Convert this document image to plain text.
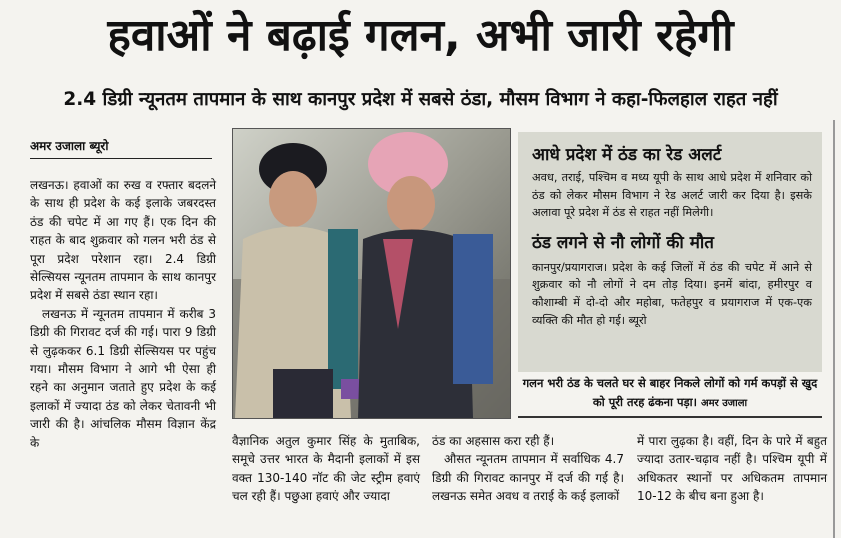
हवाओं ने बढ़ाई गलन, अभी जारी रहेगी
2.4 डिग्री न्यूनतम तापमान के साथ कानपुर प्रदेश में सबसे ठंडा, मौसम विभाग ने कहा-फिलहाल राहत नहीं
अमर उजाला ब्यूरो

लखनऊ। हवाओं का रुख व रफ्तार बदलने के साथ ही प्रदेश के कई इलाके जबरदस्त ठंड की चपेट में आ गए हैं। एक दिन की राहत के बाद शुक्रवार को गलन भरी ठंड से पूरा प्रदेश परेशान रहा। 2.4 डिग्री सेल्सियस न्यूनतम तापमान के साथ कानपुर प्रदेश में सबसे ठंडा स्थान रहा।

लखनऊ में न्यूनतम तापमान में करीब 3 डिग्री की गिरावट दर्ज की गई। पारा 9 डिग्री से लुढ़ककर 6.1 डिग्री सेल्सियस पर पहुंच गया। मौसम विभाग ने आगे भी ऐसा ही रहने का अनुमान जताते हुए प्रदेश के कई इलाकों में ज्यादा ठंड को लेकर चेतावनी भी जारी की है। आंचलिक मौसम विज्ञान केंद्र के

आधे प्रदेश में ठंड का रेड अलर्ट
अवध, तराई, पश्चिम व मध्य यूपी के साथ आधे प्रदेश में शनिवार को ठंड को लेकर मौसम विभाग ने रेड अलर्ट जारी कर दिया है। इसके अलावा पूरे प्रदेश में ठंड से राहत नहीं मिलेगी।
ठंड लगने से नौ लोगों की मौत
कानपुर/प्रयागराज। प्रदेश के कई जिलों में ठंड की चपेट में आने से शुक्रवार को नौ लोगों ने दम तोड़ दिया। इनमें बांदा, हमीरपुर व कौशाम्बी में दो-दो और महोबा, फतेहपुर व प्रयागराज में एक-एक व्यक्ति की मौत हो गई। ब्यूरो
गलन भरी ठंड के चलते घर से बाहर निकले लोगों को गर्म कपड़ों से खुद को पूरी तरह ढंकना पड़ा। अमर उजाला

वैज्ञानिक अतुल कुमार सिंह के मुताबिक, समूचे उत्तर भारत के मैदानी इलाकों में इस वक्त 130-140 नॉट की जेट स्ट्रीम हवाएं चल रही हैं। पछुआ हवाएं और ज्यादा

ठंड का अहसास करा रही हैं।

औसत न्यूनतम तापमान में सर्वाधिक 4.7 डिग्री की गिरावट कानपुर में दर्ज की गई है। लखनऊ समेत अवध व तराई के कई इलाकों

में पारा लुढ़का है। वहीं, दिन के पारे में बहुत ज्यादा उतार-चढ़ाव नहीं है। पश्चिम यूपी में अधिकतर स्थानों पर अधिकतम तापमान 10-12 के बीच बना हुआ है।
